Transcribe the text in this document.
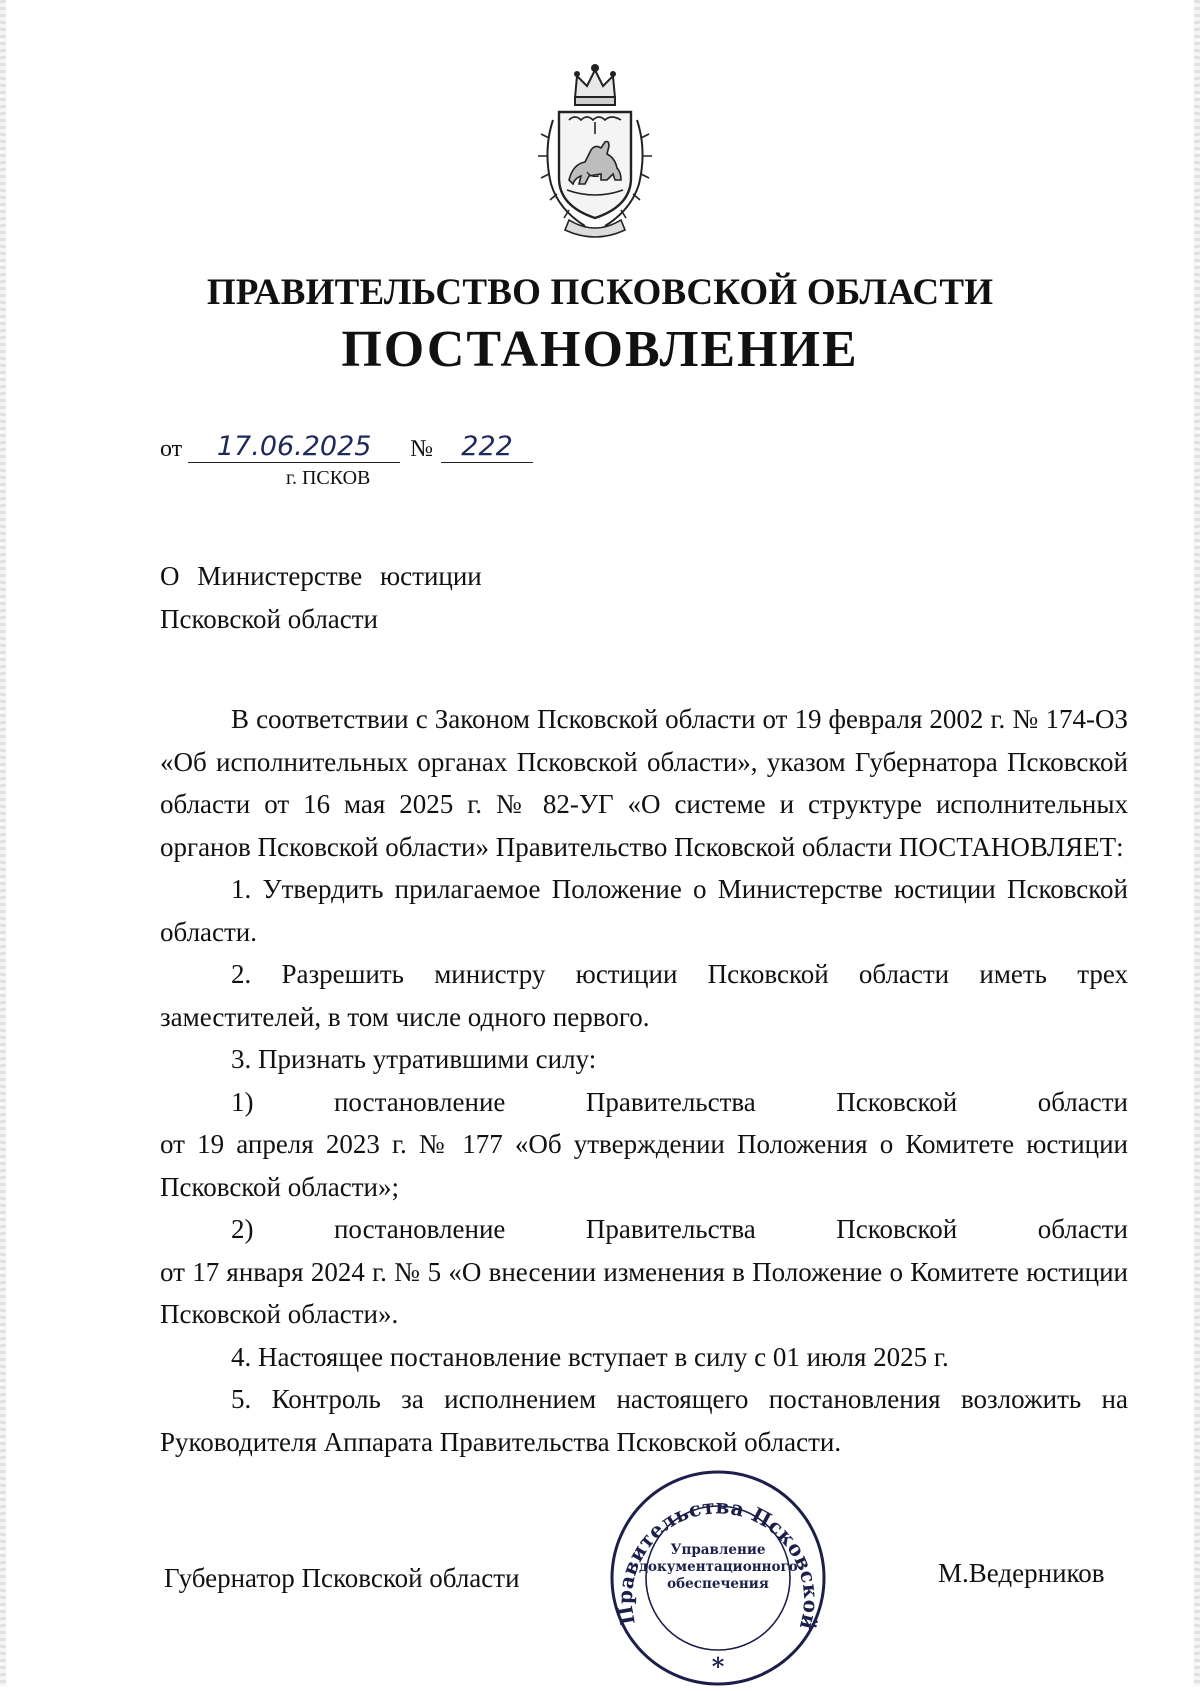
ПРАВИТЕЛЬСТВО ПСКОВСКОЙ ОБЛАСТИ
ПОСТАНОВЛЕНИЕ
от 17.06.2025 № 222
г. ПСКОВ
О Министерстве юстиции
Псковской области

В соответствии с Законом Псковской области от 19 февраля 2002 г. № 174-ОЗ «Об исполнительных органах Псковской области», указом Губернатора Псковской области от 16 мая 2025 г. № 82-УГ «О системе и структуре исполнительных органов Псковской области» Правительство Псковской области ПОСТАНОВЛЯЕТ:

1. Утвердить прилагаемое Положение о Министерстве юстиции Псковской области.

2. Разрешить министру юстиции Псковской области иметь трех заместителей, в том числе одного первого.

3. Признать утратившими силу:

1) постановление Правительства Псковской области

от 19 апреля 2023 г. № 177 «Об утверждении Положения о Комитете юстиции Псковской области»;

2) постановление Правительства Псковской области

от 17 января 2024 г. № 5 «О внесении изменения в Положение о Комитете юстиции Псковской области».

4. Настоящее постановление вступает в силу с 01 июля 2025 г.

5. Контроль за исполнением настоящего постановления возложить на Руководителя Аппарата Правительства Псковской области.

Губернатор Псковской области	М.Ведерников
Аппарат Правительства Псковской области
*
Управление
документационного
обеспечения
